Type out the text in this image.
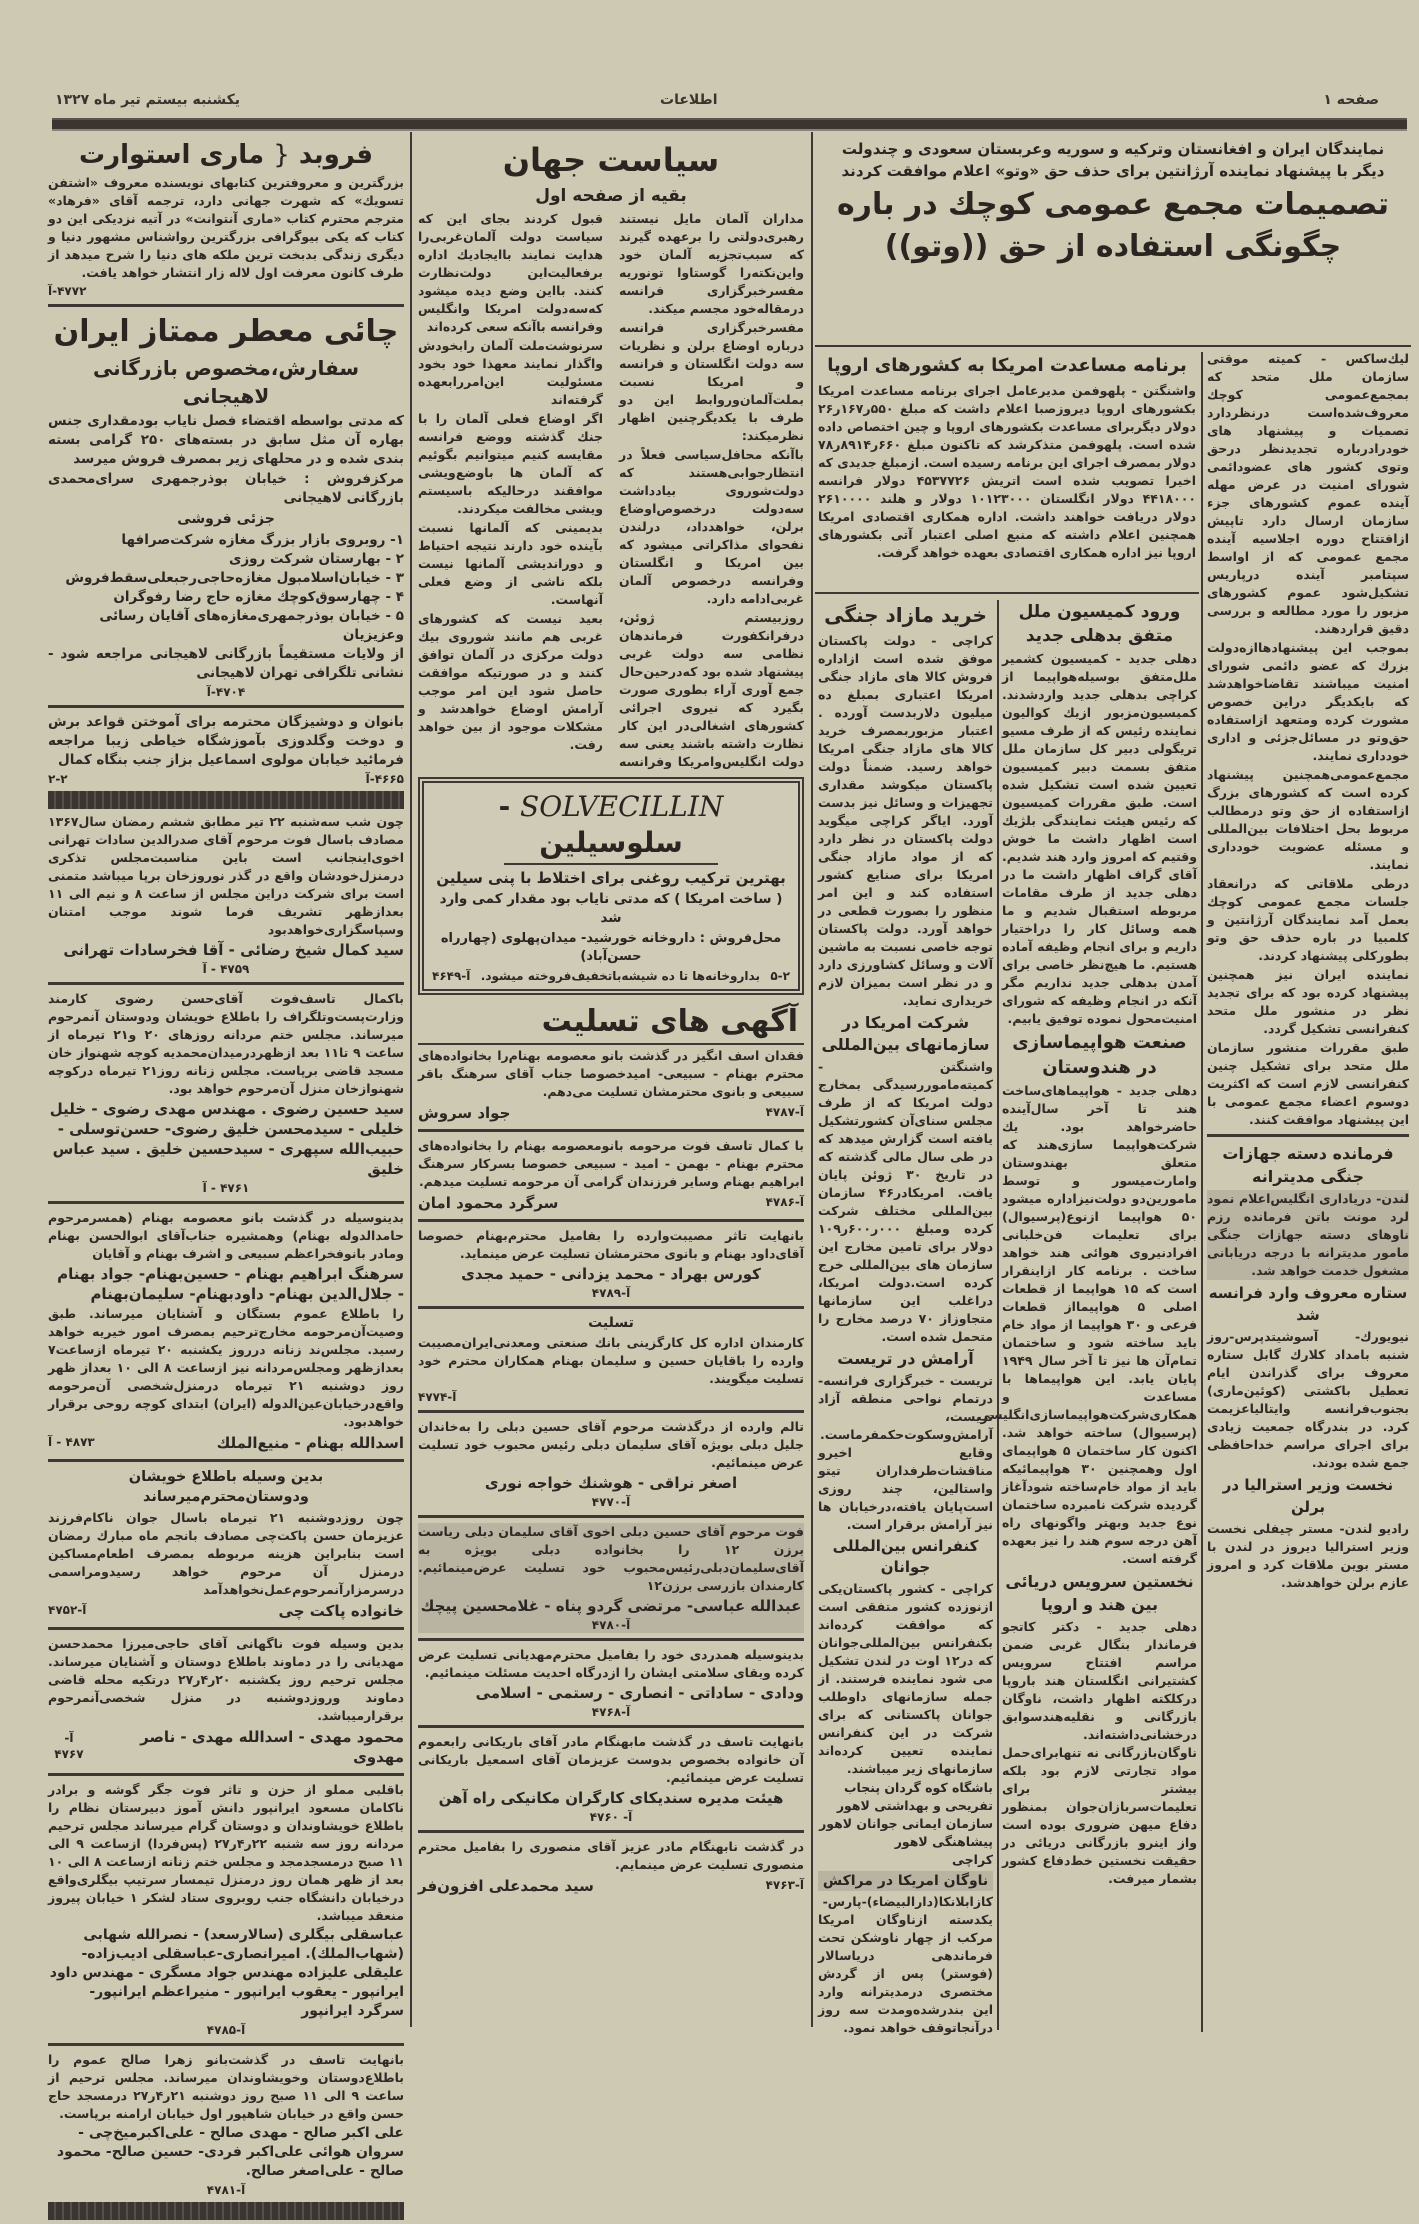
صفحه ۱
اطلاعات
یکشنبه بیستم تیر ماه ۱۳۲۷
فروبد { ماری استوارت

بزرگترین و معروفترین کتابهای نویسنده معروف «اشتفن تسویك» که شهرت جهانی دارد، ترجمه آقای «فرهاد» مترجم محترم کتاب «ماری آنتوانت» در آتیه نزدیکی این دو کتاب که یکی بیوگرافی بزرگترین رواشناس مشهور دنیا و دیگری زندگی بدبخت ترین ملکه های دنیا را شرح میدهد از طرف کانون معرفت اول لاله زار انتشار خواهد یافت.

۴۷۷۲-آ
چائی معطر ممتاز ایران
سفارش،مخصوص بازرگانی لاهیجانی

که مدتی بواسطه اقتضاء فصل نایاب بودمقداری جنس بهاره آن مثل سابق در بسته‌های ۲۵۰ گرامی بسته بندی شده و در محلهای زیر بمصرف فروش میرسد

مرکزفروش : خیابان بوذرجمهری سرای‌محمدی بازرگانی لاهیجانی

جزئی فروشی
۱- روبروی بازار بزرگ مغازه شرکت‌صرافها
۲ - بهارستان شرکت روزی
۳ - خیابان‌اسلامبول مغازه‌حاجی‌رجبعلی‌سقط‌فروش
۴ - چهارسوق‌کوچك مغازه حاج رضا رفوگران
۵ - خیابان بوذرجمهری‌مغازه‌های آقایان رسائی وعزیزیان

از ولایات مستقیماً بازرگانی لاهیجانی مراجعه شود - نشانی تلگرافی تهران لاهیجانی

۴۷۰۴-آ

بانوان و دوشیزگان محترمه برای آموختن قواعد برش و دوخت وگلدوزی بآموزشگاه خیاطی زیبا مراجعه فرمائید خیابان مولوی اسماعیل بزاز جنب بنگاه کمال

۴۶۶۵-آ
۲-۲

چون شب سه‌شنبه ۲۲ تیر مطابق ششم رمضان سال۱۳۶۷ مصادف باسال فوت مرحوم آقای صدرالدین سادات تهرانی اخوی‌اینجانب است باین مناسبت‌مجلس تذکری درمنزل‌خودشان واقع در گذر نوروزخان برپا میباشد متمنی است برای شرکت دراین مجلس از ساعت ۸ و نیم الی ۱۱ بعدازظهر تشریف فرما شوند موجب امتنان وسپاسگزاری‌خواهدبود

سید کمال شیخ رضائی - آقا فخرسادات تهرانی
۴۷۵۹ - آ

باکمال تاسف‌فوت آقای‌حسن رضوی کارمند وزارت‌پست‌وتلگراف را باطلاع خویشان ودوستان آنمرحوم میرساند. مجلس ختم مردانه روزهای ۲۰ و۲۱ تیرماه از ساعت ۹ تا۱۱ بعد ازظهردرمیدان‌محمدیه کوچه شهنواز خان مسجد قاضی برپاست. مجلس زنانه روز۲۱ تیرماه درکوچه شهنوازخان منزل آن‌مرحوم خواهد بود.

سید حسین رضوی . مهندس مهدی رضوی - خلیل خلیلی - سیدمحسن خلیق رضوی- حسن‌توسلی - حبیب‌الله سپهری - سیدحسین خلیق . سید عباس خلیق
۴۷۶۱ - آ

بدینوسیله در گذشت بانو معصومه بهنام (همسرمرحوم حامدالدوله بهنام) وهمشیره جناب‌آقای ابوالحسن بهنام ومادر بانوفخراعظم سبیعی و اشرف بهنام و آقایان

سرهنگ ابراهیم بهنام - حسین‌بهنام- جواد بهنام - جلال‌الدین بهنام- داودبهنام- سلیمان‌بهنام

را باطلاع عموم بستگان و آشنایان میرساند. طبق وصیت‌آن‌مرحومه مخارج‌ترحیم بمصرف امور خیریه خواهد رسید. مجلس‌ند زنانه درروز یکشنبه ۲۰ تیرماه ازساعت۷ بعدازظهر ومجلس‌مردانه نیز ازساعت ۸ الی ۱۰ بعداز ظهر روز دوشنبه ۲۱ تیرماه درمنزل‌شخصی آن‌مرحومه واقع‌درخیابان‌عین‌الدوله (ایران) ابتدای کوچه روحی برقرار خواهدبود.

اسدالله بهنام - منیع‌الملك
۴۸۷۳ - آ
بدین وسیله باطلاع خویشان ودوستان‌محترم‌میرساند

چون روزدوشنبه ۲۱ تیرماه باسال جوان ناکام‌فرزند عزیزمان حسن پاکت‌چی مصادف بانجم ماه مبارك رمضان است بنابراین هزینه مربوطه بمصرف اطعام‌مساکین درمنزل آن مرحوم خواهد رسیدومراسمی درسرمزارآنمرحوم‌عمل‌نخواهدآمد

خانواده پاکت چی
آ-۴۷۵۲

بدین وسیله فوت ناگهانی آقای حاجی‌میرزا محمدحسن مهدیانی را در دماوند باطلاع دوستان و آشنایان میرساند. مجلس ترحیم روز یکشنبه ۲۰ر۴ر۲۷ درتکیه محله قاضی دماوند وروزدوشنبه در منزل شخصی‌آنمرحوم برقرارمیباشد.

محمود مهدی - اسدالله مهدی - ناصر مهدوی
آ- ۴۷۶۷

باقلبی مملو از حزن و تاثر فوت جگر گوشه و برادر ناکامان مسعود ایرانپور دانش آموز دبیرستان نظام را باطلاع خویشاوندان و دوستان گرام میرساند مجلس ترحیم مردانه روز سه شنبه ۲۲ر۴ر۲۷ (پس‌فردا) ازساعت ۹ الی ۱۱ صبح درمسجدمجد و مجلس ختم زنانه ازساعت ۸ الی ۱۰ بعد از ظهر همان روز درمنزل تیمسار سرتیپ بیگلری‌واقع درخیابان دانشگاه جنب روبروی ستاد لشکر ۱ خیابان پیروز منعقد میباشد.

عباسقلی بیگلری (سالارسعد) - نصرالله شهابی (شهاب‌الملك). امیرانصاری-عباسقلی ادیب‌زاده-علیقلی علیزاده مهندس جواد مسگری - مهندس داود ایرانپور - یعقوب ایرانپور - منیراعظم ایرانپور- سرگرد ایرانپور
آ-۴۷۸۵

بانهایت تاسف در گذشت‌بانو زهرا صالح عموم را باطلاع‌دوستان وخویشاوندان میرساند. مجلس ترحیم از ساعت ۹ الی ۱۱ صبح روز دوشنبه ۲۱ر۴ر۲۷ درمسجد حاج حسن واقع در خیابان شاهپور اول خیابان ارامنه برپاست.

علی اکبر صالح - مهدی صالح - علی‌اکبرمیخ‌چی - سروان هوائی علی‌اکبر فردی- حسین صالح- محمود صالح - علی‌اصغر صالح.
آ-۴۷۸۱
سیاست جهان
بقیه از صفحه اول

مداران آلمان مایل نیستند رهبری‌دولتی را برعهده گیرند که سبب‌تجزیه آلمان خود واین‌نکته‌را گوستاوا تونوریه مفسرخبرگزاری فرانسه درمقاله‌خود مجسم میکند.

مفسرخبرگزاری فرانسه درباره اوضاع برلن و نظریات سه دولت انگلستان و فرانسه و امریکا نسبت بملت‌آلمان‌وروابط این دو طرف با یکدیگرچنین اظهار نظرمیکند:

باآنکه محافل‌سیاسی فعلاً در انتظارجوابی‌هستند که دولت‌شوروی بیادداشت سه‌دولت درخصوص‌اوضاع برلن، خواهدداد، درلندن نفحوای مذاکراتی میشود که بین امریکا و انگلستان وفرانسه درخصوص آلمان غربی‌ادامه دارد.

روزبیستم ژوئن، درفرانکفورت فرماندهان نظامی سه دولت غربی پیشنهاد شده بود که‌درحین‌حال جمع آوری آراء بطوری صورت بگیرد که نیروی اجرائی کشورهای اشغالی‌در این کار نظارت داشته باشند یعنی سه دولت انگلیس‌وامریکا وفرانسه قبول کردند بجای این که سیاست دولت آلمان‌غربی‌را هدایت نمایند باایجاد‌یك اداره برفعالیت‌این دولت‌نظارت کنند. بااین وضع دیده میشود که‌سه‌دولت امریکا وانگلیس وفرانسه باآنکه سعی کرده‌اند

سرنوشت‌ملت آلمان رابخودش واگذار نمایند معهذا خود بخود مسئولیت این‌امررابعهده گرفته‌اند

اگر اوضاع فعلی آلمان را با جنك گذشته ووضع فرانسه مقایسه کنیم میتوانیم بگوئیم که آلمان ها باوضع‌ویشی موافقند درحالیکه باسیستم ویشی مخالفت میکردند.

بدیمینی که آلمانها نسبت بآینده خود دارند نتیجه احتیاط و دوراندیشی آلمانها نیست بلکه ناشی از وضع فعلی آنهاست.

بعید نیست که کشورهای غربی هم مانند شوروی بیك دولت مرکزی در آلمان توافق کنند و در صورتیکه موافقت حاصل شود این امر موجب آرامش اوضاع خواهدشد و مشکلات موجود از بین خواهد رفت.

SOLVECILLIN - سلوسیلین
بهترین ترکیب روغنی برای اختلاط با پنی سیلین
( ساخت امریکا ) که مدتی نایاب بود مقدار کمی وارد شد
محل‌فروش : داروخانه خورشید- میدان‌پهلوی (چهارراه حسن‌آباد)
۵-۲
بداروخانه‌ها تا ده شیشه‌باتخفیف‌فروخته میشود.
آ-۴۶۴۹
آگهی های تسلیت

فقدان اسف انگیز در گذشت بانو معصومه بهنام‌را بخانواده‌های محترم بهنام - سبیعی- امیدخصوصا جناب آقای سرهنگ باقر سبیعی و بانوی محترمشان تسلیت می‌دهم.

آ-۴۷۸۷
جواد سروش

با کمال تاسف فوت مرحومه بانومعصومه بهنام را بخانواده‌های محترم بهنام - بهمن - امید - سبیعی خصوصا بسرکار سرهنگ ابراهیم بهنام وسایر فرزندان گرامی آن مرحومه تسلیت میدهم.

آ-۴۷۸۶
سرگرد محمود امان

بانهایت تاثر مصیبت‌وارده را بفامیل محترم‌بهنام خصوصا آقای‌داود بهنام و بانوی محترمشان تسلیت عرض مینماید.

کورس بهراد - محمد یزدانی - حمید مجدی
آ-۴۷۸۹
تسلیت

کارمندان اداره کل کارگزینی بانك صنعتی ومعدنی‌ایران‌مصیبت وارده را باقایان حسین و سلیمان بهنام همکاران محترم خود تسلیت میگویند.

آ-۴۷۷۴

تالم وارده از درگذشت مرحوم آقای حسین دبلی را به‌خاندان جلیل دبلی بویژه آقای سلیمان دبلی رئیس محبوب خود تسلیت عرض مینمائیم.

اصغر نراقی - هوشنك خواجه نوری
آ-۴۷۷۰

فوت مرحوم آقای حسین دبلی اخوی آقای سلیمان دبلی ریاست برزن ۱۲ را بخانواده دبلی بویژه به آقای‌سلیمان‌دبلی‌رئیس‌محبوب خود تسلیت عرض‌مینمائیم. کارمندان بازرسی برزن۱۲

عبدالله عباسی- مرتضی گردو پناه - غلامحسین پیچك
آ-۴۷۸۰

بدینوسیله همدردی خود را بفامیل محترم‌مهدیانی تسلیت عرض کرده وبقای سلامتی ایشان را ازدرگاه احدیت مسئلت مینمائیم.

ودادی - ساداتی - انصاری - رستمی - اسلامی
آ-۴۷۶۸

بانهایت تاسف در گذشت مابهنگام مادر آقای باریکانی رابعموم آن خانواده بخصوص بدوست عزیزمان آقای اسمعیل باریکانی تسلیت عرض مینمائیم.

هیئت مدیره سندیکای کارگران مکانیکی راه آهن
آ- ۴۷۶۰

در گذشت نابهنگام مادر عزیز آقای منصوری را بفامیل محترم منصوری تسلیت عرض مینمایم.

آ-۴۷۶۳
سید محمدعلی افزون‌فر
نمایندگان ایران و افغانستان وترکیه و سوریه وعربستان سعودی و چندولت دیگر با پیشنهاد نماینده آرژانتین برای حذف حق «وتو» اعلام موافقت کردند
تصمیمات مجمع عمومی کوچك در باره چگونگی استفاده از حق ((وتو))
برنامه مساعدت امریکا به کشورهای اروپا

واشنگتن - پلهوفمن مدیرعامل اجرای برنامه مساعدت امریکا بکشورهای اروپا دیروزصبا اعلام داشت که مبلغ ۵۵۰ر۱۶۷ر۲۶ دولار دیگربرای مساعدت بکشورهای اروپا و چین اختصاص داده شده است. پلهوفمن متذکرشد که تاکنون مبلغ ۶۶۰ر۸۹۱۴ر۷۸ دولار بمصرف اجرای این برنامه رسیده است. ازمبلغ جدیدی که اخیرا تصویب شده است اتریش ۴۵۳۷۷۲۶ دولار فرانسه ۴۴۱۸۰۰۰ دولار انگلستان ۱۰۱۲۳۰۰۰ دولار و هلند ۲۶۱۰۰۰۰ دولار دریافت خواهند داشت. اداره همکاری اقتصادی امریکا همچنین اعلام داشته که منبع اصلی اعتبار آتی بکشورهای اروپا نیز اداره همکاری اقتصادی بعهده خواهد گرفت.

خرید مازاد جنگی

کراچی - دولت پاکستان موفق شده است ازاداره فروش کالا های مازاد جنگی امریکا اعتباری بمبلغ ده میلیون دلاربدست آورده . اعتبار مزبوربمصرف خرید کالا های مازاد جنگی امریکا خواهد رسید. ضمناً دولت پاکستان میکوشد مقداری تجهیزات و وسائل نیز بدست آورد. ایاگر کراچی میگوید دولت پاکستان در نظر دارد که از مواد مازاد جنگی امریکا برای صنایع کشور استفاده کند و این امر منظور را بصورت قطعی در خواهد آورد. دولت پاکستان توجه خاصی نسبت به ماشین آلات و وسائل کشاورزی دارد و در نظر است بمیزان لازم خریداری نماید.

شرکت امریکا در سازمانهای بین‌المللی

واشنگتن - کمیته‌ماموررسیدگی بمخارج دولت امریکا که از طرف مجلس سنای‌آن کشورتشکیل یافته است گزارش میدهد که در طی سال مالی گذشته که در تاریخ ۳۰ ژوئن پایان یافت. امریکادر۴۶ سازمان بین‌المللی مختلف شرکت کرده ومبلغ ۰۰۰ر۶۰۰ر۱۰۹ دولار برای تامین مخارج این سازمان های بین‌المللی خرج کرده است.دولت امریکا، دراغلب این سازمانها متجاوزاز ۷۰ درصد مخارج را متحمل شده است.

آرامش در تریست

تریست - خبرگزاری فرانسه- درتمام نواحی منطقه آزاد تریست، آرامش‌وسکوت‌حکمفرماست. وقایع اخیرو مناقشات‌طرفداران تیتو واستالین، چند روزی است‌پایان یافته،درخیابان ها نیز آرامش برقرار است.

کنفرانس بین‌المللی جوانان

کراچی - کشور پاکستان‌یکی ازنوزده کشور متفقی است که موافقت کرده‌اند بکنفرانس بین‌المللی‌جوانان که در۱۲ اوت در لندن تشکیل می شود نماینده فرستند. از جمله سازمانهای داوطلب جوانان پاکستانی که برای شرکت در این کنفرانس نماینده تعیین کرده‌اند سازمانهای زیر میباشند.

باشگاه کوه گردان پنجاب
تفریحی و بهداشتی لاهور
سازمان ایمانی جوانان لاهور
پیشاهنگی لاهور
کراچی
ناوگان امریکا در مراکش

کازابلانکا(دارالبیضاء)-پارس- یکدسته ازناوگان امریکا مرکب از چهار ناوشکن تحت فرماندهی دریاسالار (فوستر) پس از گردش مختصری درمدیترانه وارد این بندرشده‌ومدت سه روز درآنجاتوقف خواهد نمود.

ورود کمیسیون ملل متفق بدهلی جدید

دهلی جدید - کمیسیون کشمیر ملل‌متفق بوسیله‌هواپیما از کراچی بدهلی جدید واردشدند. کمیسیون‌مزبور ازیك کوالیون نماینده رئیس که از طرف مسیو تریگولی دبیر کل سازمان ملل متفق بسمت دبیر کمیسیون تعیین شده است تشکیل شده است. طبق مقررات کمیسیون که رئیس هیئت نمایندگی بلژیك است اظهار داشت ما خوش وقتیم که امروز وارد هند شدیم. آقای گراف اظهار داشت ما در دهلی جدید از طرف مقامات مربوطه استقبال شدیم و ما همه وسائل کار را دراختیار داریم و برای انجام وظیفه آماده هستیم. ما هیچ‌نظر خاصی برای آمدن بدهلی جدید نداریم مگر آنکه در انجام وظیفه که شورای امنیت‌محول نموده توفیق یابیم.

صنعت هواپیماسازی در هندوستان

دهلی جدید - هواپیماهای‌ساخت هند تا آخر سال‌آینده حاضرخواهد بود. یك شرکت‌هواپیما سازی‌هند که متعلق بهندوستان وامارت‌میسور و توسط مامورین‌دو دولت‌نیزاداره میشود ۵۰ هواپیما ازنوع(پرسیوال) برای تعلیمات فن‌خلبانی افرادنیروی هوائی هند خواهد ساخت . برنامه کار ازاینقرار است که ۱۵ هواپیما از قطعات اصلی ۵ هواپیمااز قطعات فرعی و ۳۰ هواپیما از مواد خام باید ساخته شود و ساختمان تمام‌آن ها نیز تا آخر سال ۱۹۴۹ پایان یابد. این هواپیماها با مساعدت و همکاری‌شرکت‌هواپیماسازی‌انگلیسی (پرسیوال) ساخته خواهد شد. اکنون کار ساختمان ۵ هواپیمای اول وهمچنین ۳۰ هواپیمائیکه باید از مواد خام‌ساخته شودآغاز گردیده شرکت نامبرده ساختمان نوع جدید وبهتر واگونهای راه آهن درجه سوم هند را نیز بعهده گرفته است.

نخستین سرویس دریائی بین هند و اروپا

دهلی جدید - دکتر کاتجو فرماندار بنگال غربی ضمن مراسم افتتاح سرویس کشتیرانی انگلستان هند باروپا درکلکته اظهار داشت، ناوگان بازرگانی و نقلیه‌هند‌سوابق درخشانی‌داشته‌اند. ناوگان‌بازرگانی نه تنهابرای‌حمل مواد تجارتی لازم بود بلکه بیشتر برای تعلیمات‌سربازان‌جوان بمنظور دفاع میهن ضروری بوده است واز اینرو بازرگانی دریائی در حقیقت نخستین خط‌دفاع کشور بشمار میرفت.

لیك‌ساکس - کمیته موقتی سازمان ملل متحد که بمجمع‌عمومی کوچك معروف‌شده‌است درنظردارد تصمیات و پیشنهاد های خودرادرباره تجدیدنظر درحق وتوی کشور های عضودائمی شورای امنیت در عرض مهله آینده عموم کشورهای جزء سازمان ارسال دارد تاپیش ازافتتاح دوره اجلاسیه آینده مجمع عمومی که از اواسط سپتامبر آینده درپاریس تشکیل‌شود عموم کشورهای مزبور را مورد مطالعه و بررسی دقیق قراردهند.

بموجب این پیشنهادهاازه‌دولت بزرك که عضو دائمی شورای امنیت میباشند تقاضاخواهدشد که بایکدیگر دراین خصوص مشورت کرده ومتعهد ازاستفاده حق‌وتو در مسائل‌جزئی و اداری خودداری نمایند.

مجمع‌عمومی‌همچنین پیشنهاد کرده است که کشورهای بزرگ ازاستفاده از حق وتو درمطالب مربوط بحل اختلافات بین‌المللی و مسئله عضویت خودداری نمایند.

درطی ملاقاتی که درانعقاد جلسات مجمع عمومی کوچك بعمل آمد نمایندگان آرژانتین و کلمبیا در باره حذف حق وتو بطورکلی پیشنهاد کردند.

نماینده ایران نیز همچنین پیشنهاد کرده بود که برای تجدید نظر در منشور ملل متحد کنفرانسی تشکیل گردد.

طبق مقررات منشور سازمان ملل متحد برای تشکیل چنین کنفرانسی لازم است که اکثریت دوسوم اعضاء مجمع عمومی با این پیشنهاد موافقت کنند.

فرمانده دسته جهازات جنگی مدیترانه

لندن- دریاداری انگلیس‌اعلام نمود لرد مونت باتن فرمانده رزم ناوهای دسته جهازات جنگی مامور مدیترانه با درجه دریابانی مشغول خدمت خواهد شد.

ستاره معروف وارد فرانسه شد

نیویورك- آسوشیتدپرس-روز شنبه بامداد کلارك گابل ستاره معروف برای گذراندن ایام تعطیل باکشتی (کوئین‌ماری) بجنوب‌فرانسه وایتالیاعزیمت کرد. در بندرگاه جمعیت زیادی برای اجرای مراسم خداحافظی جمع شده بودند.

نخست وزیر استرالیا در برلن

رادیو لندن- مستر چیفلی نخست وزیر استرالیا دیروز در لندن با مستر بوین ملاقات کرد و امروز عازم برلن خواهدشد.
